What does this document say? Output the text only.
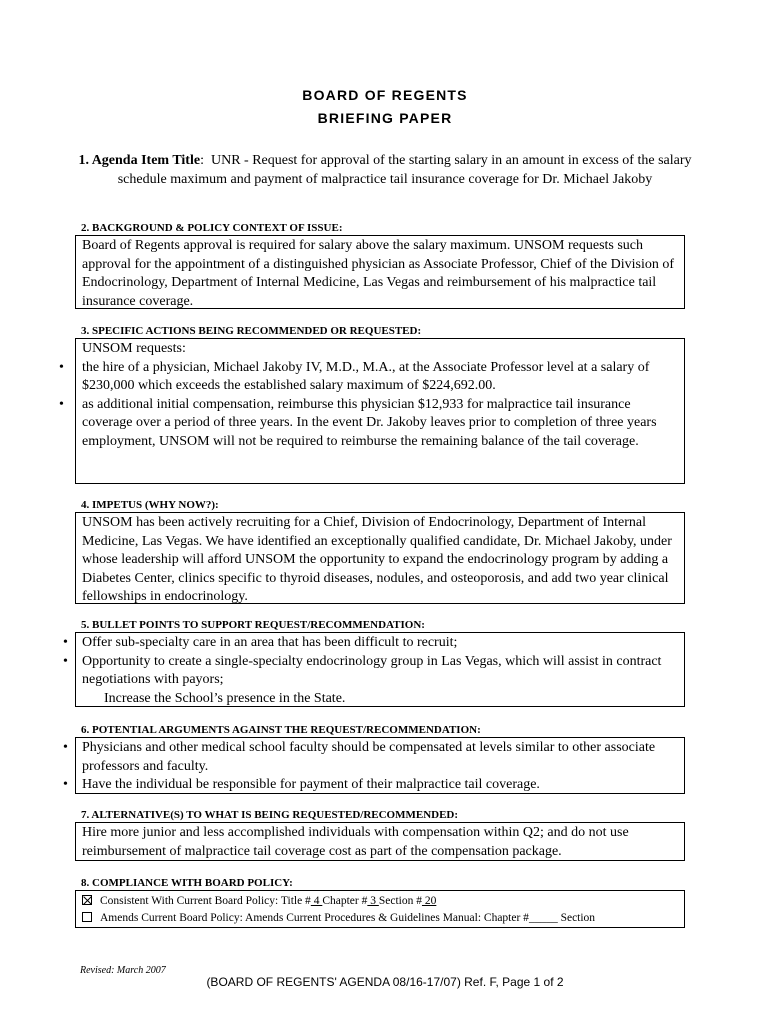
BOARD OF REGENTS
BRIEFING PAPER
1. Agenda Item Title:  UNR - Request for approval of the starting salary in an amount in excess of the salary schedule maximum and payment of malpractice tail insurance coverage for Dr. Michael Jakoby
2. BACKGROUND & POLICY CONTEXT OF ISSUE:

Board of Regents approval is required for salary above the salary maximum. UNSOM requests such approval for the appointment of a distinguished physician as Associate Professor, Chief of the Division of Endocrinology, Department of Internal Medicine, Las Vegas and reimbursement of his malpractice tail insurance coverage.

3. SPECIFIC ACTIONS BEING RECOMMENDED OR REQUESTED:

UNSOM requests:

• the hire of a physician, Michael Jakoby IV, M.D., M.A., at the Associate Professor level at a salary of $230,000 which exceeds the established salary maximum of $224,692.00.
• as additional initial compensation, reimburse this physician $12,933 for malpractice tail insurance coverage over a period of three years. In the event Dr. Jakoby leaves prior to completion of three years employment, UNSOM will not be required to reimburse the remaining balance of the tail coverage.
4. IMPETUS (WHY NOW?):

UNSOM has been actively recruiting for a Chief, Division of Endocrinology, Department of Internal Medicine, Las Vegas. We have identified an exceptionally qualified candidate, Dr. Michael Jakoby, under whose leadership will afford UNSOM the opportunity to expand the endocrinology program by adding a Diabetes Center, clinics specific to thyroid diseases, nodules, and osteoporosis, and add two year clinical fellowships in endocrinology.

5. BULLET POINTS TO SUPPORT REQUEST/RECOMMENDATION:
• Offer sub-specialty care in an area that has been difficult to recruit;
• Opportunity to create a single-specialty endocrinology group in Las Vegas, which will assist in contract negotiations with payors;

Increase the School’s presence in the State.

6. POTENTIAL ARGUMENTS AGAINST THE REQUEST/RECOMMENDATION:
• Physicians and other medical school faculty should be compensated at levels similar to other associate professors and faculty.
• Have the individual be responsible for payment of their malpractice tail coverage.
7. ALTERNATIVE(S) TO WHAT IS BEING REQUESTED/RECOMMENDED:

Hire more junior and less accomplished individuals with compensation within Q2; and do not use reimbursement of malpractice tail coverage cost as part of the compensation package.

8. COMPLIANCE WITH BOARD POLICY:
Consistent With Current Board Policy: Title # 4 Chapter # 3 Section # 20
Amends Current Board Policy: Amends Current Procedures & Guidelines Manual: Chapter #_____ Section
Revised: March 2007
(BOARD OF REGENTS' AGENDA 08/16-17/07) Ref. F, Page 1 of 2
